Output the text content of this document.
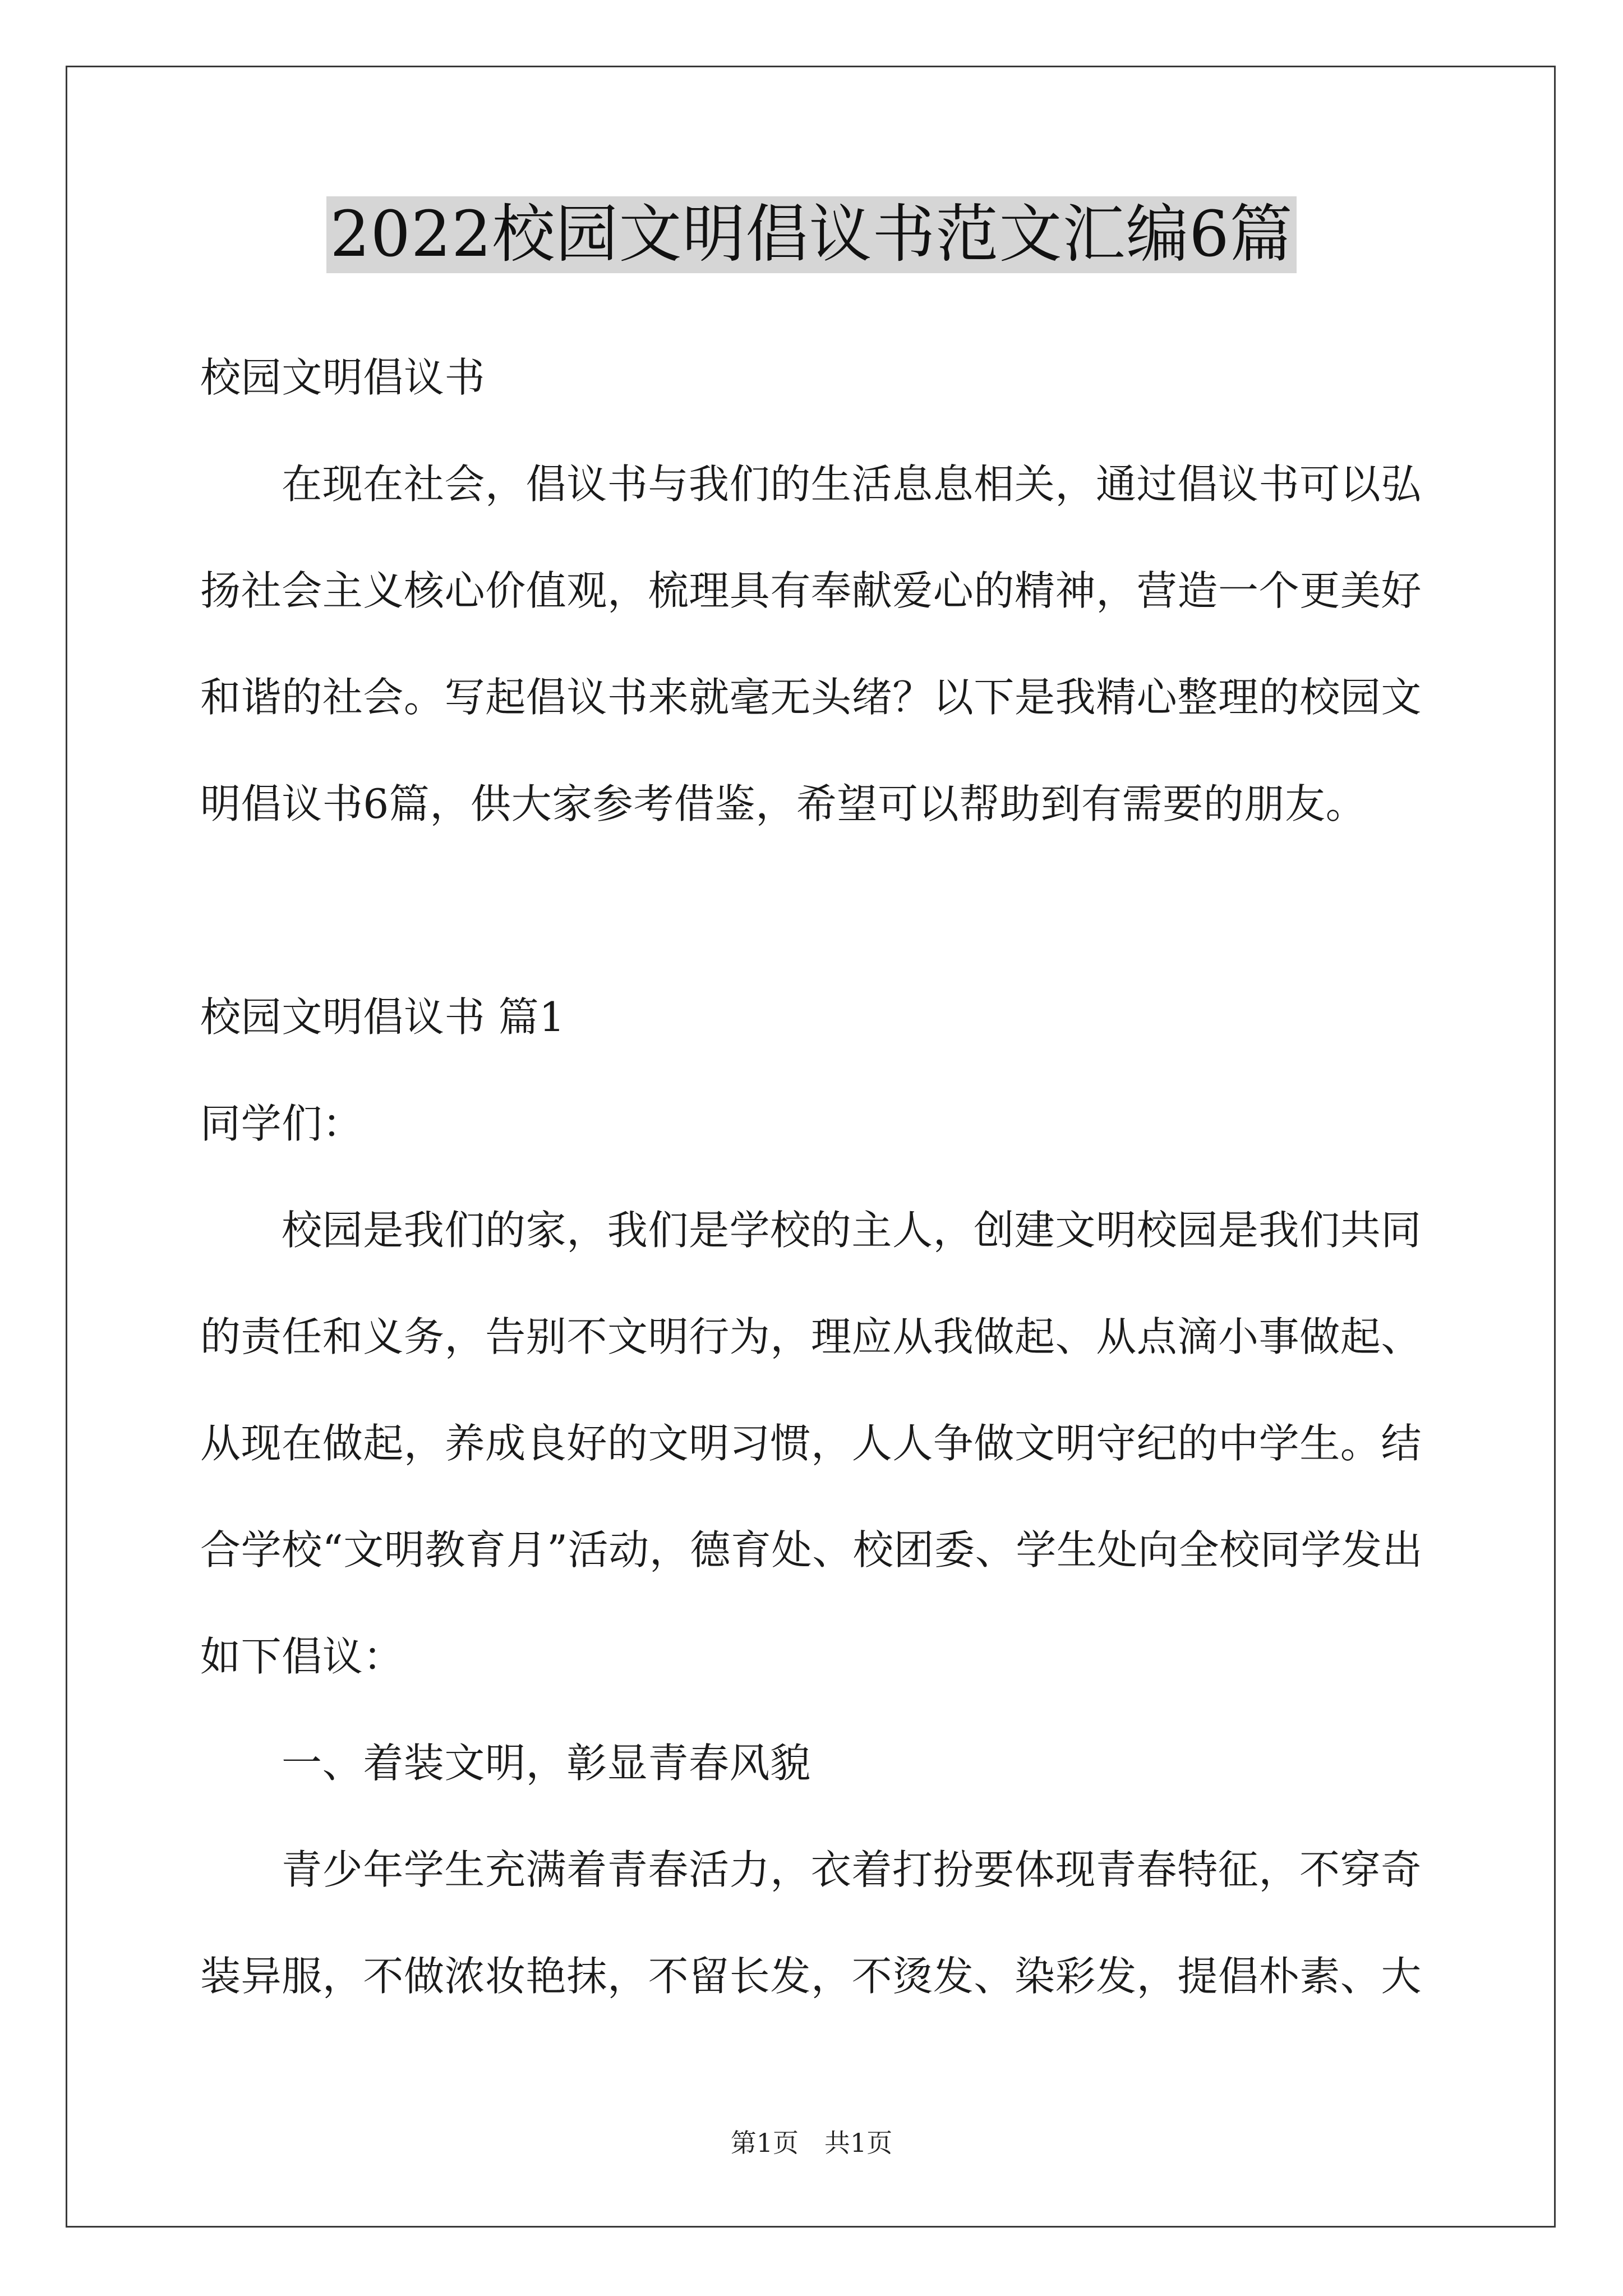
2022校园文明倡议书范文汇编6篇

校园文明倡议书

在现在社会，倡议书与我们的生活息息相关，通过倡议书可以弘扬社会主义核心价值观，梳理具有奉献爱心的精神，营造一个更美好和谐的社会。写起倡议书来就毫无头绪？以下是我精心整理的校园文明倡议书6篇，供大家参考借鉴，希望可以帮助到有需要的朋友。

校园文明倡议书 篇1

同学们：

校园是我们的家，我们是学校的主人，创建文明校园是我们共同的责任和义务，告别不文明行为，理应从我做起、从点滴小事做起、从现在做起，养成良好的文明习惯，人人争做文明守纪的中学生。结合学校“文明教育月”活动，德育处、校团委、学生处向全校同学发出如下倡议：

一、着装文明，彰显青春风貌

青少年学生充满着青春活力，衣着打扮要体现青春特征，不穿奇装异服，不做浓妆艳抹，不留长发，不烫发、染彩发，提倡朴素、大

第1页 共1页
